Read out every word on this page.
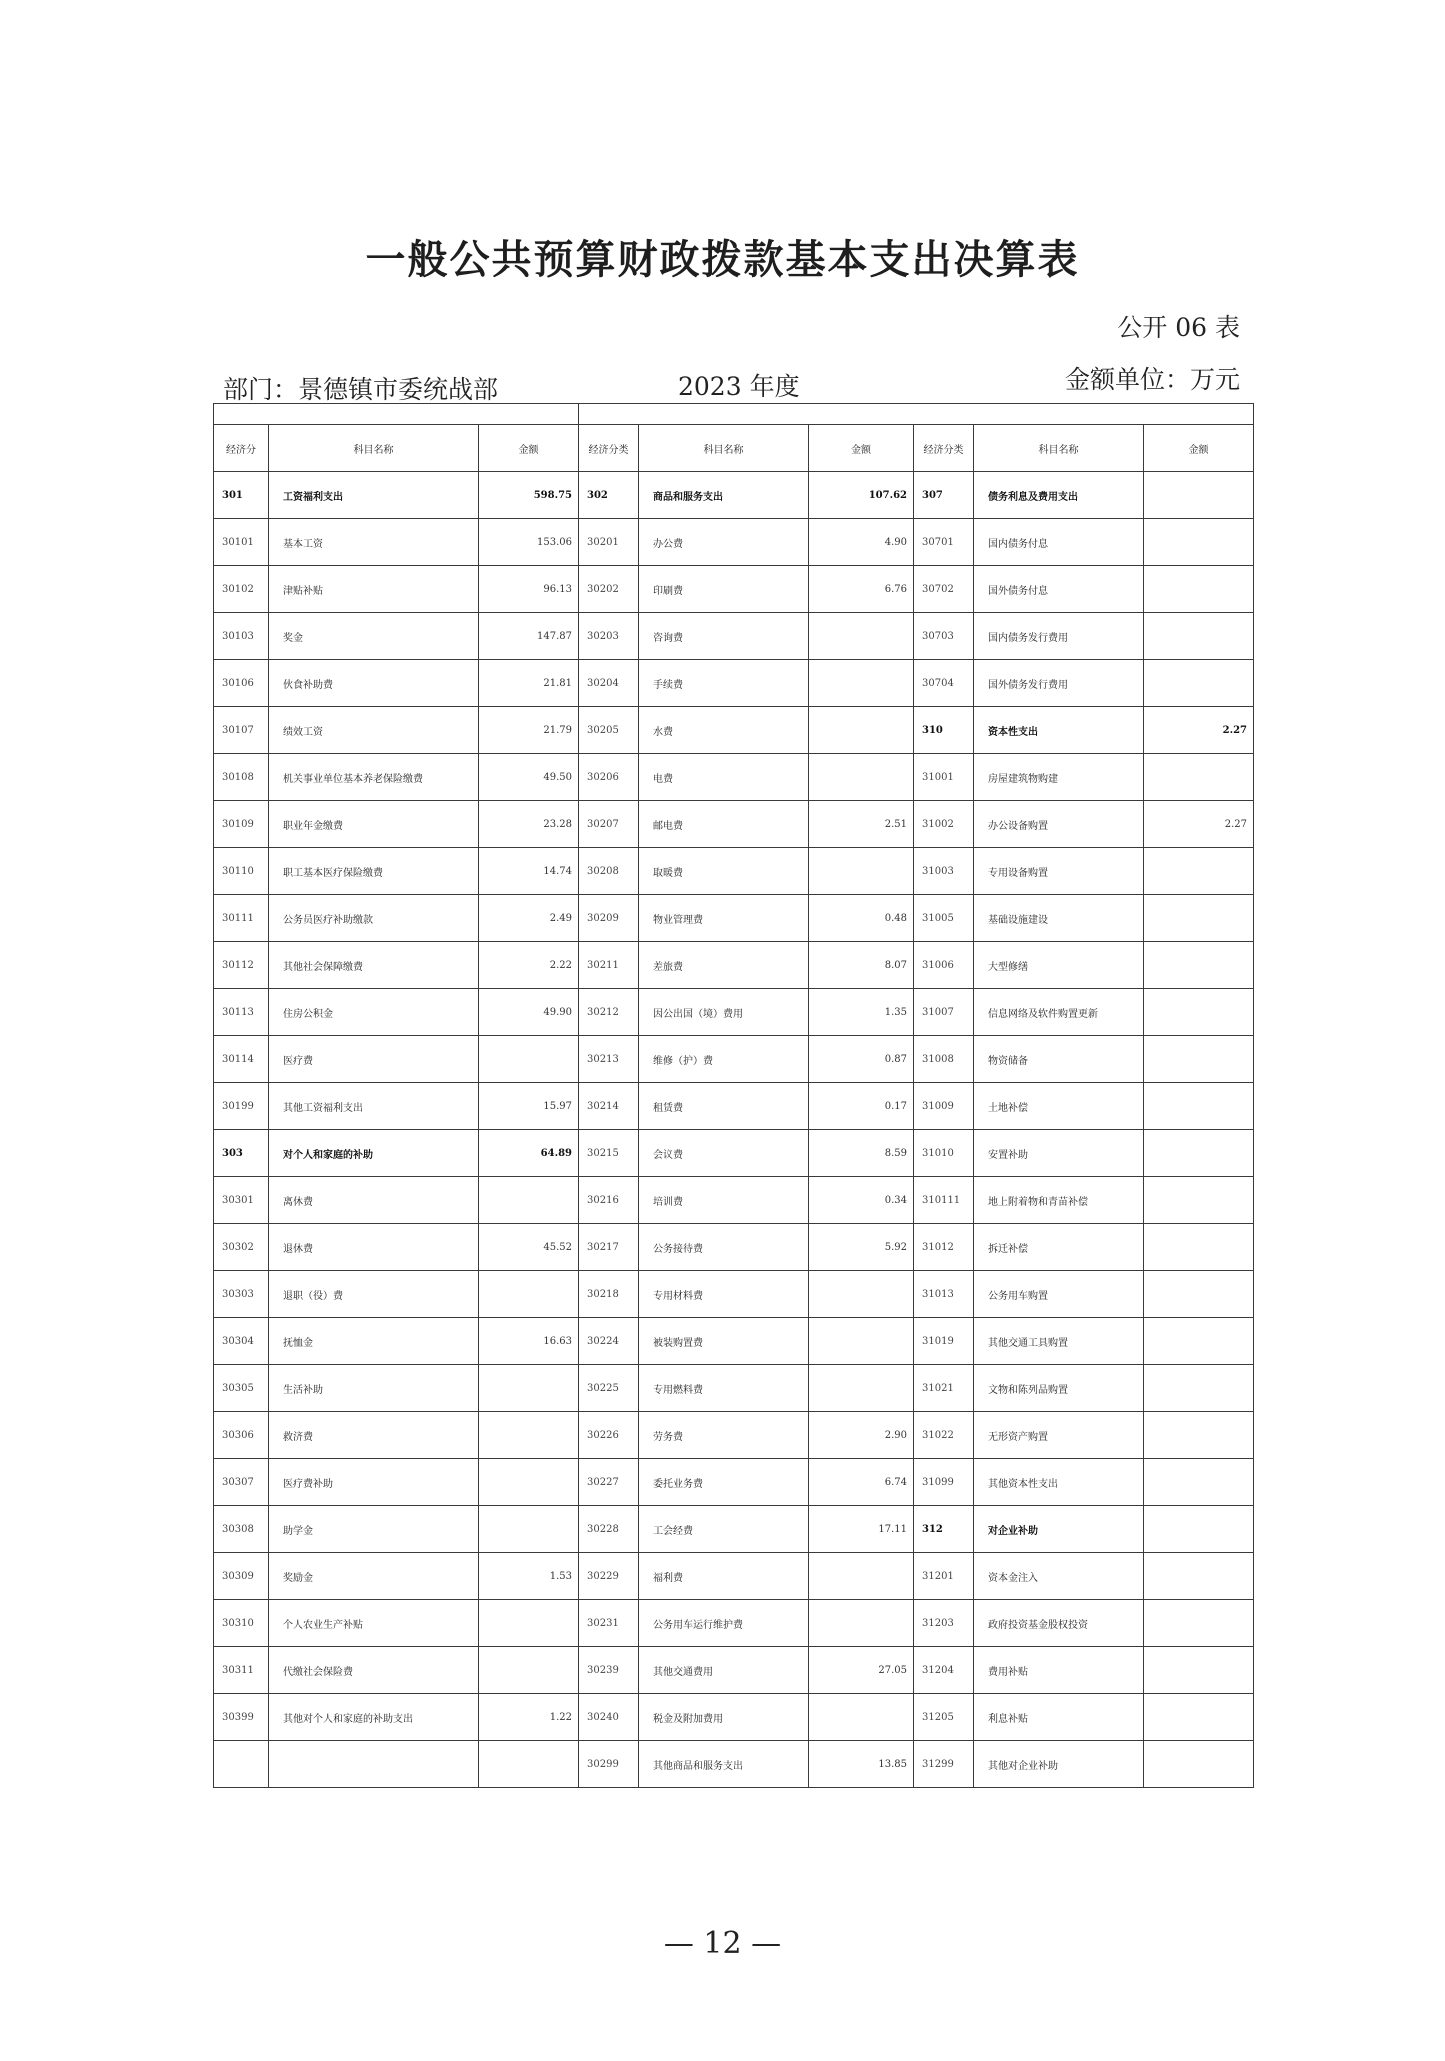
一般公共预算财政拨款基本支出决算表
公开 06 表
部门：景德镇市委统战部	2023 年度	金额单位：万元

经济分	科目名称	金额	经济分类	科目名称	金额	经济分类	科目名称	金额
301	工资福利支出	598.75	302	商品和服务支出	107.62	307	债务利息及费用支出	
30101	基本工资	153.06	30201	办公费	4.90	30701	国内债务付息	
30102	津贴补贴	96.13	30202	印刷费	6.76	30702	国外债务付息	
30103	奖金	147.87	30203	咨询费		30703	国内债务发行费用	
30106	伙食补助费	21.81	30204	手续费		30704	国外债务发行费用	
30107	绩效工资	21.79	30205	水费		310	资本性支出	2.27
30108	机关事业单位基本养老保险缴费	49.50	30206	电费		31001	房屋建筑物购建	
30109	职业年金缴费	23.28	30207	邮电费	2.51	31002	办公设备购置	2.27
30110	职工基本医疗保险缴费	14.74	30208	取暖费		31003	专用设备购置	
30111	公务员医疗补助缴款	2.49	30209	物业管理费	0.48	31005	基础设施建设	
30112	其他社会保障缴费	2.22	30211	差旅费	8.07	31006	大型修缮	
30113	住房公积金	49.90	30212	因公出国（境）费用	1.35	31007	信息网络及软件购置更新	
30114	医疗费		30213	维修（护）费	0.87	31008	物资储备	
30199	其他工资福利支出	15.97	30214	租赁费	0.17	31009	土地补偿	
303	对个人和家庭的补助	64.89	30215	会议费	8.59	31010	安置补助	
30301	离休费		30216	培训费	0.34	310111	地上附着物和青苗补偿	
30302	退休费	45.52	30217	公务接待费	5.92	31012	拆迁补偿	
30303	退职（役）费		30218	专用材料费		31013	公务用车购置	
30304	抚恤金	16.63	30224	被装购置费		31019	其他交通工具购置	
30305	生活补助		30225	专用燃料费		31021	文物和陈列品购置	
30306	救济费		30226	劳务费	2.90	31022	无形资产购置	
30307	医疗费补助		30227	委托业务费	6.74	31099	其他资本性支出	
30308	助学金		30228	工会经费	17.11	312	对企业补助	
30309	奖励金	1.53	30229	福利费		31201	资本金注入	
30310	个人农业生产补贴		30231	公务用车运行维护费		31203	政府投资基金股权投资	
30311	代缴社会保险费		30239	其他交通费用	27.05	31204	费用补贴	
30399	其他对个人和家庭的补助支出	1.22	30240	税金及附加费用		31205	利息补贴	
			30299	其他商品和服务支出	13.85	31299	其他对企业补助	
— 12 —
